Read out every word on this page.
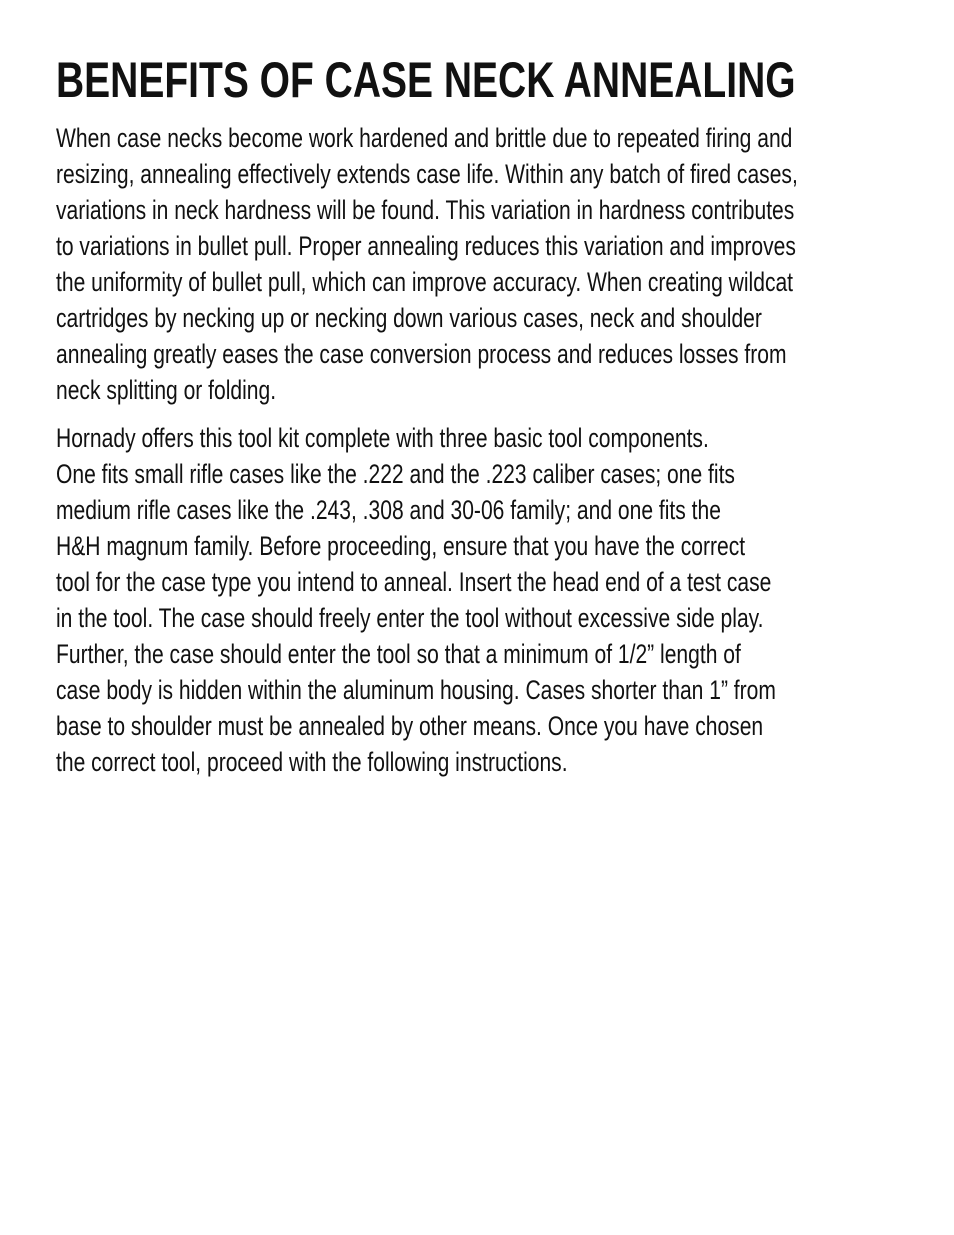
BENEFITS OF CASE NECK ANNEALING

When case necks become work hardened and brittle due to repeated firing and
resizing, annealing effectively extends case life. Within any batch of fired cases,
variations in neck hardness will be found. This variation in hardness contributes
to variations in bullet pull. Proper annealing reduces this variation and improves
the uniformity of bullet pull, which can improve accuracy. When creating wildcat
cartridges by necking up or necking down various cases, neck and shoulder
annealing greatly eases the case conversion process and reduces losses from
neck splitting or folding.

Hornady offers this tool kit complete with three basic tool components.
One fits small rifle cases like the .222 and the .223 caliber cases; one fits
medium rifle cases like the .243, .308 and 30-06 family; and one fits the
H&H magnum family. Before proceeding, ensure that you have the correct
tool for the case type you intend to anneal. Insert the head end of a test case
in the tool. The case should freely enter the tool without excessive side play.
Further, the case should enter the tool so that a minimum of 1/2” length of
case body is hidden within the aluminum housing. Cases shorter than 1” from
base to shoulder must be annealed by other means. Once you have chosen
the correct tool, proceed with the following instructions.
